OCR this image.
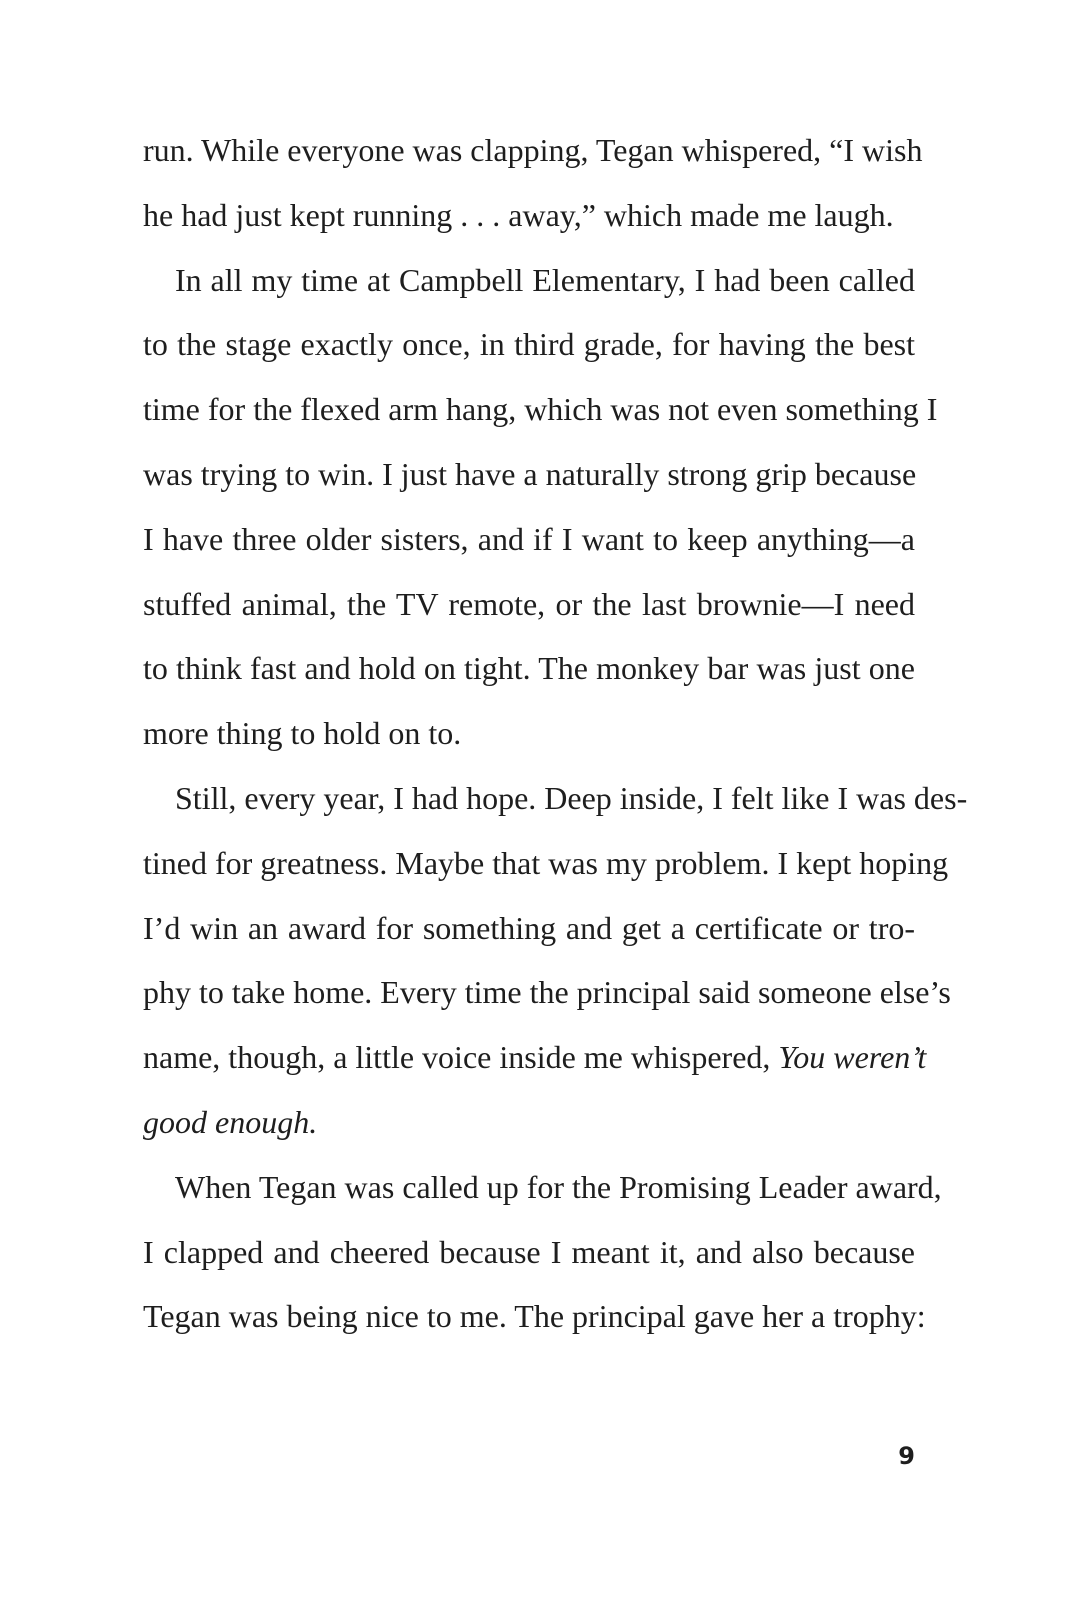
run. While everyone was clapping, Tegan whispered, “I wish
he had just kept running . . . away,” which made me laugh.
In all my time at Campbell Elementary, I had been called
to the stage exactly once, in third grade, for having the best
time for the flexed arm hang, which was not even something I
was trying to win. I just have a naturally strong grip because
I have three older sisters, and if I want to keep anything—a
stuffed animal, the TV remote, or the last brownie—I need
to think fast and hold on tight. The monkey bar was just one
more thing to hold on to.
Still, every year, I had hope. Deep inside, I felt like I was des-
tined for greatness. Maybe that was my problem. I kept hoping
I’d win an award for something and get a certificate or tro-
phy to take home. Every time the principal said someone else’s
name, though, a little voice inside me whispered, You weren’t
good enough.
When Tegan was called up for the Promising Leader award,
I clapped and cheered because I meant it, and also because
Tegan was being nice to me. The principal gave her a trophy:
9
